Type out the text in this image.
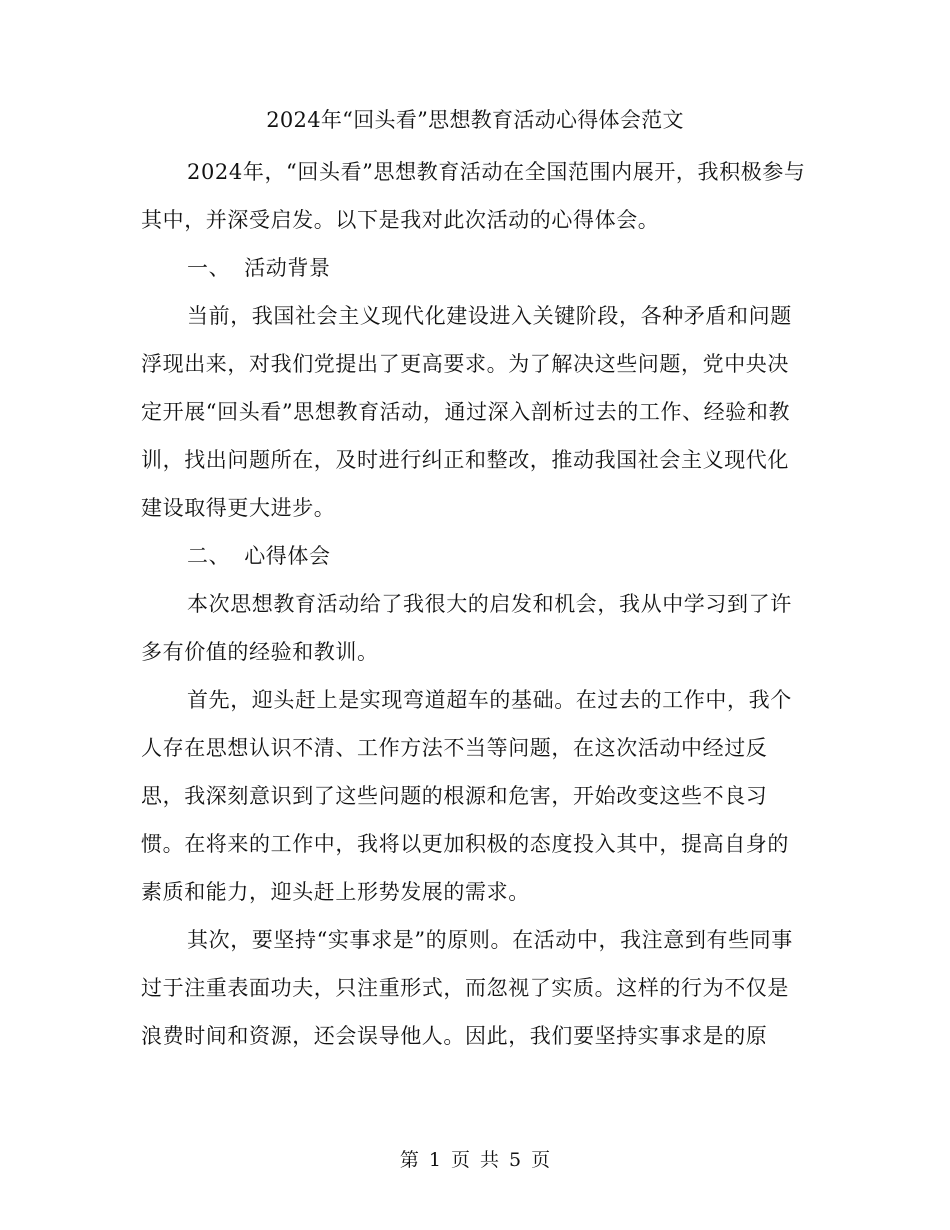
2024年“回头看”思想教育活动心得体会范文

2024年，“回头看”思想教育活动在全国范围内展开，我积极参与其中，并深受启发。以下是我对此次活动的心得体会。

一、 活动背景

当前，我国社会主义现代化建设进入关键阶段，各种矛盾和问题浮现出来，对我们党提出了更高要求。为了解决这些问题，党中央决定开展“回头看”思想教育活动，通过深入剖析过去的工作、经验和教训，找出问题所在，及时进行纠正和整改，推动我国社会主义现代化建设取得更大进步。

二、 心得体会

本次思想教育活动给了我很大的启发和机会，我从中学习到了许多有价值的经验和教训。

首先，迎头赶上是实现弯道超车的基础。在过去的工作中，我个人存在思想认识不清、工作方法不当等问题，在这次活动中经过反思，我深刻意识到了这些问题的根源和危害，开始改变这些不良习惯。在将来的工作中，我将以更加积极的态度投入其中，提高自身的素质和能力，迎头赶上形势发展的需求。

其次，要坚持“实事求是”的原则。在活动中，我注意到有些同事过于注重表面功夫，只注重形式，而忽视了实质。这样的行为不仅是浪费时间和资源，还会误导他人。因此，我们要坚持实事求是的原

第 1 页 共 5 页
